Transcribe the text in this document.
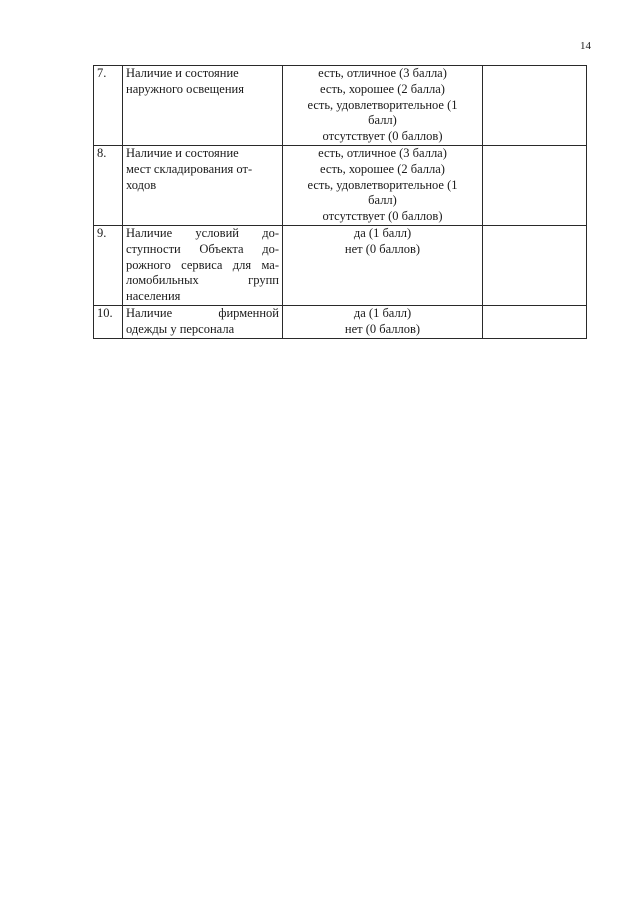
14
7.	Наличие и состояние
наружного освещения	есть, отличное (3 балла)
есть, хорошее (2 балла)
есть, удовлетворительное (1
балл)
отсутствует (0 баллов)	

8.	Наличие и состояние
мест складирования от-
ходов	есть, отличное (3 балла)
есть, хорошее (2 балла)
есть, удовлетворительное (1
балл)
отсутствует (0 баллов)	

9.	Наличие условий до-
ступности Объекта до-
рожного сервиса для ма-
ломобильных групп
населения	да (1 балл)
нет (0 баллов)	

10.	Наличие фирменной
одежды у персонала	да (1 балл)
нет (0 баллов)	
